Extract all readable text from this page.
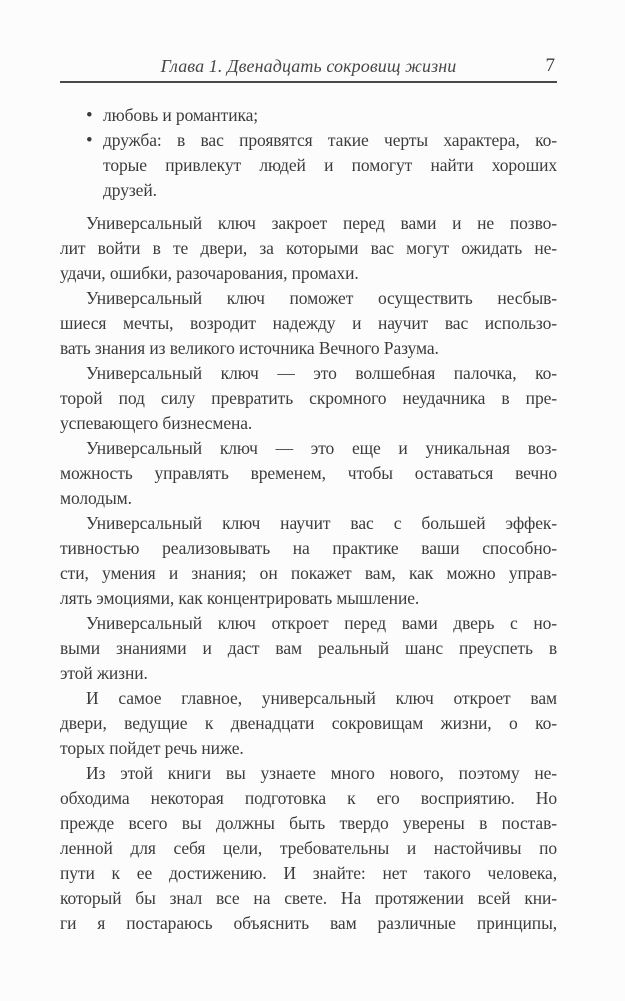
Глава 1. Двенадцать сокровищ жизни	7
• любовь и романтика;
• дружба: в вас проявятся такие черты характера, ко-
торые привлекут людей и помогут найти хороших
друзей.
Универсальный ключ закроет перед вами и не позво-
лит войти в те двери, за которыми вас могут ожидать не-
удачи, ошибки, разочарования, промахи.
Универсальный ключ поможет осуществить несбыв-
шиеся мечты, возродит надежду и научит вас использо-
вать знания из великого источника Вечного Разума.
Универсальный ключ — это волшебная палочка, ко-
торой под силу превратить скромного неудачника в пре-
успевающего бизнесмена.
Универсальный ключ — это еще и уникальная воз-
можность управлять временем, чтобы оставаться вечно
молодым.
Универсальный ключ научит вас с большей эффек-
тивностью реализовывать на практике ваши способно-
сти, умения и знания; он покажет вам, как можно управ-
лять эмоциями, как концентрировать мышление.
Универсальный ключ откроет перед вами дверь с но-
выми знаниями и даст вам реальный шанс преуспеть в
этой жизни.
И самое главное, универсальный ключ откроет вам
двери, ведущие к двенадцати сокровищам жизни, о ко-
торых пойдет речь ниже.
Из этой книги вы узнаете много нового, поэтому не-
обходима некоторая подготовка к его восприятию. Но
прежде всего вы должны быть твердо уверены в постав-
ленной для себя цели, требовательны и настойчивы по
пути к ее достижению. И знайте: нет такого человека,
который бы знал все на свете. На протяжении всей кни-
ги я постараюсь объяснить вам различные принципы,
